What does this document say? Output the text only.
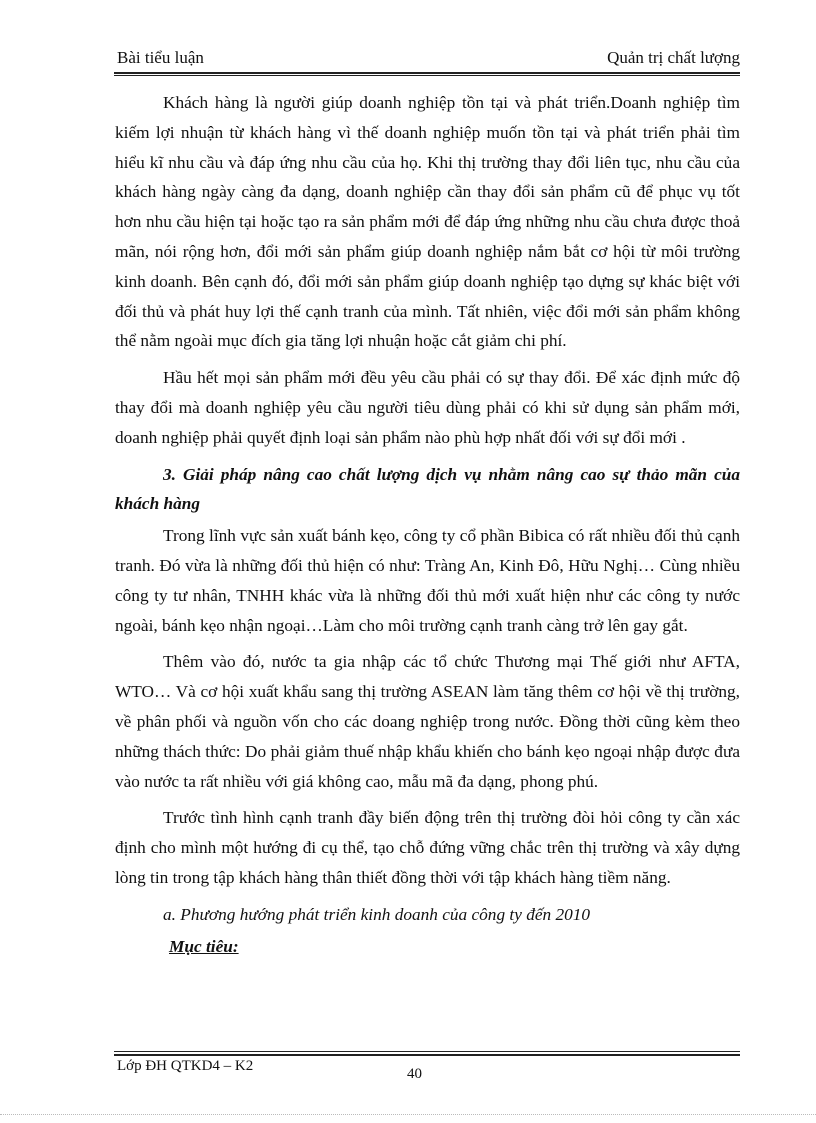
Bài tiểu luận	Quản trị chất lượng

Khách hàng là người giúp doanh nghiệp tồn tại và phát triển.Doanh nghiệp tìm kiếm lợi nhuận từ khách hàng vì thế doanh nghiệp muốn tồn tại và phát triển phải tìm hiểu kĩ nhu cầu và đáp ứng nhu cầu của họ. Khi thị trường thay đổi liên tục, nhu cầu của khách hàng ngày càng đa dạng, doanh nghiệp cần thay đổi sản phẩm cũ để phục vụ tốt hơn nhu cầu hiện tại hoặc tạo ra sản phẩm mới để đáp ứng những nhu cầu chưa được thoả mãn, nói rộng hơn, đổi mới sản phẩm giúp doanh nghiệp nắm bắt cơ hội từ môi trường kinh doanh. Bên cạnh đó, đổi mới sản phẩm giúp doanh nghiệp tạo dựng sự khác biệt với đối thủ và phát huy lợi thế cạnh tranh của mình. Tất nhiên, việc đổi mới sản phẩm không thể nằm ngoài mục đích gia tăng lợi nhuận hoặc cắt giảm chi phí.

Hầu hết mọi sản phẩm mới đều yêu cầu phải có sự thay đổi. Để xác định mức độ thay đổi mà doanh nghiệp yêu cầu người tiêu dùng phải có khi sử dụng sản phẩm mới, doanh nghiệp phải quyết định loại sản phẩm nào phù hợp nhất đối với sự đổi mới .

3. Giải pháp nâng cao chất lượng dịch vụ nhằm nâng cao sự thảo mãn của khách hàng

Trong lĩnh vực sản xuất bánh kẹo, công ty cổ phần Bibica có rất nhiều đối thủ cạnh tranh. Đó vừa là những đối thủ hiện có như: Tràng An, Kinh Đô, Hữu Nghị… Cùng nhiều công ty tư nhân, TNHH khác vừa là những đối thủ mới xuất hiện như các công ty nước ngoài, bánh kẹo nhận ngoại…Làm cho môi trường cạnh tranh càng trở lên gay gắt.

Thêm vào đó, nước ta gia nhập các tổ chức Thương mại Thế giới như AFTA, WTO… Và cơ hội xuất khẩu sang thị trường ASEAN làm tăng thêm cơ hội về thị trường, về phân phối và nguồn vốn cho các doang nghiệp trong nước. Đồng thời cũng kèm theo những thách thức: Do phải giảm thuế nhập khẩu khiến cho bánh kẹo ngoại nhập được đưa vào nước ta rất nhiều với giá không cao, mẫu mã đa dạng, phong phú.

Trước tình hình cạnh tranh đầy biến động trên thị trường đòi hỏi công ty cần xác định cho mình một hướng đi cụ thể, tạo chỗ đứng vững chắc trên thị trường và xây dựng lòng tin trong tập khách hàng thân thiết đồng thời với tập khách hàng tiềm năng.

a. Phương hướng phát triển kinh doanh của công ty đến 2010

Mục tiêu:

Lớp ĐH QTKD4 – K2	40
